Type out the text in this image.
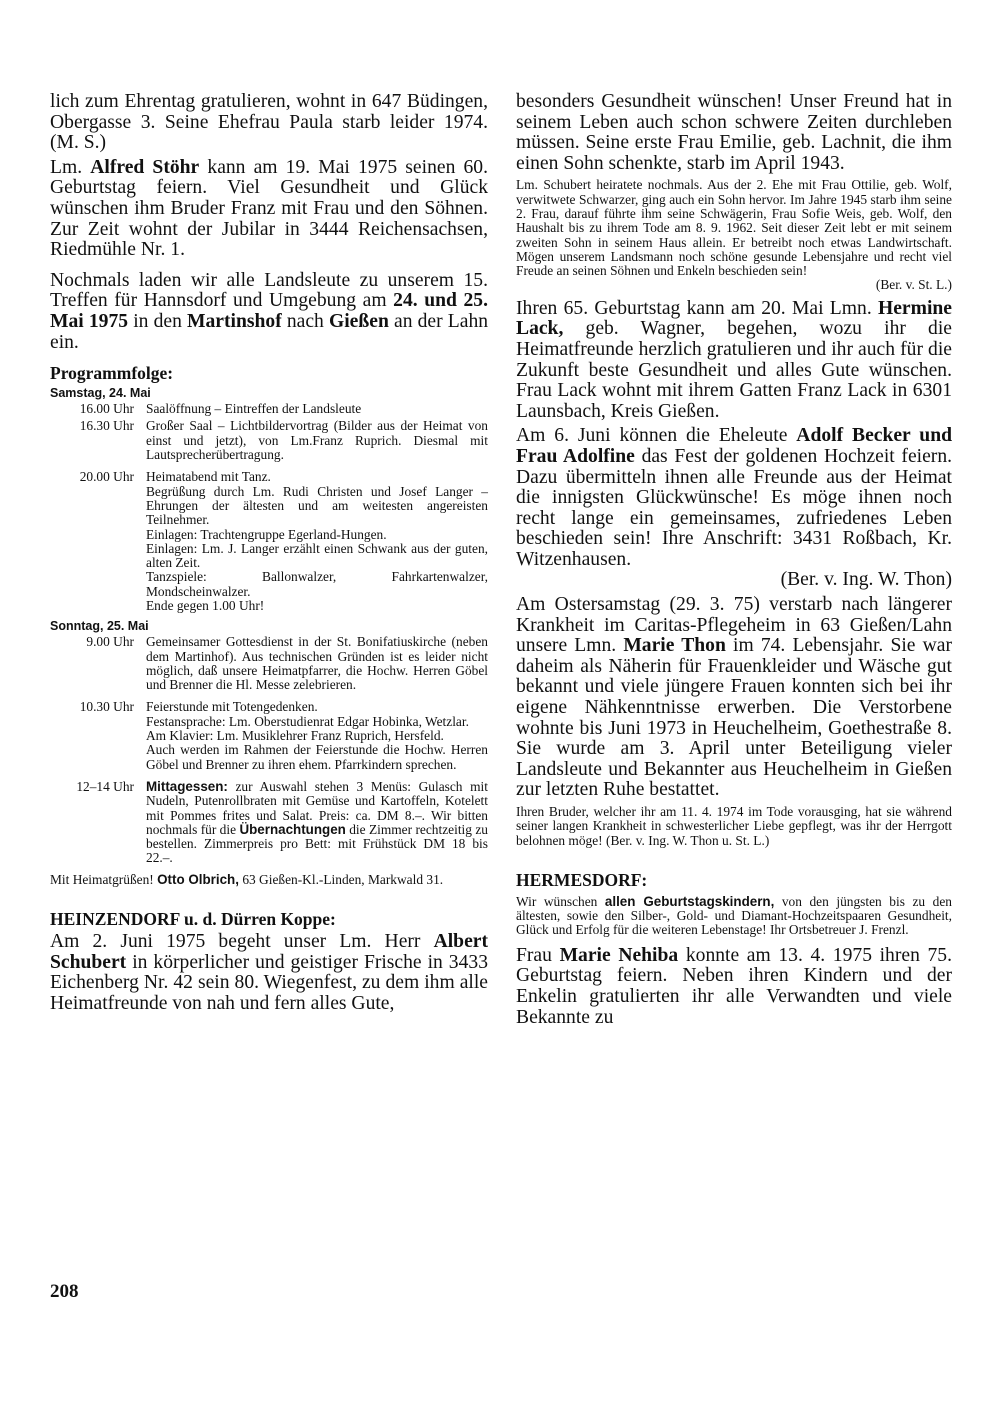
lich zum Ehrentag gratulieren, wohnt in 647 Büdingen, Obergasse 3. Seine Ehefrau Paula starb leider 1974. (M. S.)

Lm. Alfred Stöhr kann am 19. Mai 1975 seinen 60. Geburtstag feiern. Viel Gesundheit und Glück wünschen ihm Bruder Franz mit Frau und den Söhnen. Zur Zeit wohnt der Jubilar in 3444 Reichensachsen, Riedmühle Nr. 1.

Nochmals laden wir alle Landsleute zu unserem 15. Treffen für Hannsdorf und Umgebung am 24. und 25. Mai 1975 in den Martinshof nach Gießen an der Lahn ein.

Programmfolge:

Samstag, 24. Mai

16.00 Uhr Saalöffnung – Eintreffen der Landsleute
16.30 Uhr Großer Saal – Lichtbildervortrag (Bilder aus der Heimat von einst und jetzt), von Lm.Franz Ruprich. Diesmal mit Lautsprecherübertragung.
20.00 Uhr Heimatabend mit Tanz.
Begrüßung durch Lm. Rudi Christen und Josef Langer – Ehrungen der ältesten und am weitesten angereisten Teilnehmer.
Einlagen: Trachtengruppe Egerland-Hungen.
Einlagen: Lm. J. Langer erzählt einen Schwank aus der guten, alten Zeit.
Tanzspiele: Ballonwalzer, Fahrkartenwalzer, Mondscheinwalzer.
Ende gegen 1.00 Uhr!

Sonntag, 25. Mai

9.00 Uhr Gemeinsamer Gottesdienst in der St. Bonifatiuskirche (neben dem Martinhof). Aus technischen Gründen ist es leider nicht möglich, daß unsere Heimatpfarrer, die Hochw. Herren Göbel und Brenner die Hl. Messe zelebrieren.
10.30 Uhr Feierstunde mit Totengedenken.
Festansprache: Lm. Oberstudienrat Edgar Hobinka, Wetzlar.
Am Klavier: Lm. Musiklehrer Franz Ruprich, Hersfeld.
Auch werden im Rahmen der Feierstunde die Hochw. Herren Göbel und Brenner zu ihren ehem. Pfarrkindern sprechen.
12–14 Uhr Mittagessen: zur Auswahl stehen 3 Menüs: Gulasch mit Nudeln, Putenrollbraten mit Gemüse und Kartoffeln, Kotelett mit Pommes frites und Salat. Preis: ca. DM 8.–. Wir bitten nochmals für die Übernachtungen die Zimmer rechtzeitig zu bestellen. Zimmerpreis pro Bett: mit Frühstück DM 18 bis 22.–.

Mit Heimatgrüßen! Otto Olbrich, 63 Gießen-Kl.-Linden, Markwald 31.

HEINZENDORF u. d. Dürren Koppe:

Am 2. Juni 1975 begeht unser Lm. Herr Albert Schubert in körperlicher und geistiger Frische in 3433 Eichenberg Nr. 42 sein 80. Wiegenfest, zu dem ihm alle Heimatfreunde von nah und fern alles Gute,

besonders Gesundheit wünschen! Unser Freund hat in seinem Leben auch schon schwere Zeiten durchleben müssen. Seine erste Frau Emilie, geb. Lachnit, die ihm einen Sohn schenkte, starb im April 1943.

Lm. Schubert heiratete nochmals. Aus der 2. Ehe mit Frau Ottilie, geb. Wolf, verwitwete Schwarzer, ging auch ein Sohn hervor. Im Jahre 1945 starb ihm seine 2. Frau, darauf führte ihm seine Schwägerin, Frau Sofie Weis, geb. Wolf, den Haushalt bis zu ihrem Tode am 8. 9. 1962. Seit dieser Zeit lebt er mit seinem zweiten Sohn in seinem Haus allein. Er betreibt noch etwas Landwirtschaft. Mögen unserem Landsmann noch schöne gesunde Lebensjahre und recht viel Freude an seinen Söhnen und Enkeln beschieden sein!

(Ber. v. St. L.)

Ihren 65. Geburtstag kann am 20. Mai Lmn. Hermine Lack, geb. Wagner, begehen, wozu ihr die Heimatfreunde herzlich gratulieren und ihr auch für die Zukunft beste Gesundheit und alles Gute wünschen. Frau Lack wohnt mit ihrem Gatten Franz Lack in 6301 Launsbach, Kreis Gießen.

Am 6. Juni können die Eheleute Adolf Becker und Frau Adolfine das Fest der goldenen Hochzeit feiern. Dazu übermitteln ihnen alle Freunde aus der Heimat die innigsten Glückwünsche! Es möge ihnen noch recht lange ein gemeinsames, zufriedenes Leben beschieden sein! Ihre Anschrift: 3431 Roßbach, Kr. Witzenhausen.

(Ber. v. Ing. W. Thon)

Am Ostersamstag (29. 3. 75) verstarb nach längerer Krankheit im Caritas-Pflegeheim in 63 Gießen/Lahn unsere Lmn. Marie Thon im 74. Lebensjahr. Sie war daheim als Näherin für Frauenkleider und Wäsche gut bekannt und viele jüngere Frauen konnten sich bei ihr eigene Nähkenntnisse erwerben. Die Verstorbene wohnte bis Juni 1973 in Heuchelheim, Goethestraße 8. Sie wurde am 3. April unter Beteiligung vieler Landsleute und Bekannter aus Heuchelheim in Gießen zur letzten Ruhe bestattet.

Ihren Bruder, welcher ihr am 11. 4. 1974 im Tode vorausging, hat sie während seiner langen Krankheit in schwesterlicher Liebe gepflegt, was ihr der Herrgott belohnen möge! (Ber. v. Ing. W. Thon u. St. L.)

HERMESDORF:

Wir wünschen allen Geburtstagskindern, von den jüngsten bis zu den ältesten, sowie den Silber-, Gold- und Diamant-Hochzeitspaaren Gesundheit, Glück und Erfolg für die weiteren Lebenstage! Ihr Ortsbetreuer J. Frenzl.

Frau Marie Nehiba konnte am 13. 4. 1975 ihren 75. Geburtstag feiern. Neben ihren Kindern und der Enkelin gratulierten ihr alle Verwandten und viele Bekannte zu

208
